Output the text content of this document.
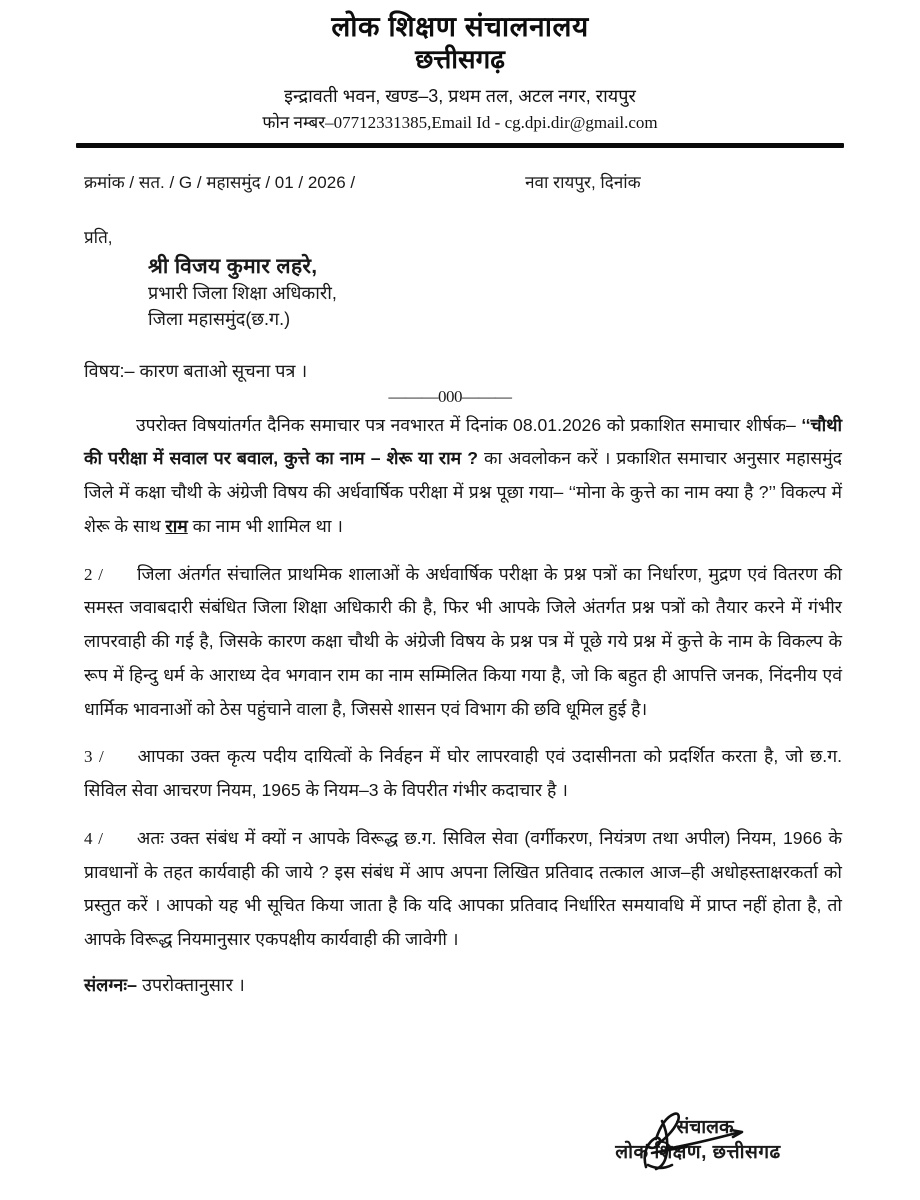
लोक शिक्षण संचालनालय
छत्तीसगढ़
इन्द्रावती भवन, खण्ड–3, प्रथम तल, अटल नगर, रायपुर
फोन नम्बर–07712331385,Email Id - cg.dpi.dir@gmail.com
क्रमांक / सत. / G / महासमुंद / 01 / 2026 /	नवा रायपुर, दिनांक
प्रति,
श्री विजय कुमार लहरे,
प्रभारी जिला शिक्षा अधिकारी,
जिला महासमुंद(छ.ग.)
विषय:– कारण बताओ सूचना पत्र ।
———000———

उपरोक्त विषयांतर्गत दैनिक समाचार पत्र नवभारत में दिनांक 08.01.2026 को प्रकाशित समाचार शीर्षक– ‘‘चौथी की परीक्षा में सवाल पर बवाल, कुत्ते का नाम – शेरू या राम ? का अवलोकन करें । प्रकाशित समाचार अनुसार महासमुंद जिले में कक्षा चौथी के अंग्रेजी विषय की अर्धवार्षिक परीक्षा में प्रश्न पूछा गया– ‘‘मोना के कुत्ते का नाम क्या है ?’’ विकल्प में शेरू के साथ राम का नाम भी शामिल था ।

2 / जिला अंतर्गत संचालित प्राथमिक शालाओं के अर्धवार्षिक परीक्षा के प्रश्न पत्रों का निर्धारण, मुद्रण एवं वितरण की समस्त जवाबदारी संबंधित जिला शिक्षा अधिकारी की है, फिर भी आपके जिले अंतर्गत प्रश्न पत्रों को तैयार करने में गंभीर लापरवाही की गई है, जिसके कारण कक्षा चौथी के अंग्रेजी विषय के प्रश्न पत्र में पूछे गये प्रश्न में कुत्ते के नाम के विकल्प के रूप में हिन्दु धर्म के आराध्य देव भगवान राम का नाम सम्मिलित किया गया है, जो कि बहुत ही आपत्ति जनक, निंदनीय एवं धार्मिक भावनाओं को ठेस पहुंचाने वाला है, जिससे शासन एवं विभाग की छवि धूमिल हुई है।

3 / आपका उक्त कृत्य पदीय दायित्वों के निर्वहन में घोर लापरवाही एवं उदासीनता को प्रदर्शित करता है, जो छ.ग. सिविल सेवा आचरण नियम, 1965 के नियम–3 के विपरीत गंभीर कदाचार है ।

4 / अतः उक्त संबंध में क्यों न आपके विरूद्ध छ.ग. सिविल सेवा (वर्गीकरण, नियंत्रण तथा अपील) नियम, 1966 के प्रावधानों के तहत कार्यवाही की जाये ? इस संबंध में आप अपना लिखित प्रतिवाद तत्काल आज–ही अधोहस्ताक्षरकर्ता को प्रस्तुत करें । आपको यह भी सूचित किया जाता है कि यदि आपका प्रतिवाद निर्धारित समयावधि में प्राप्त नहीं होता है, तो आपके विरूद्ध नियमानुसार एकपक्षीय कार्यवाही की जावेगी ।

संलग्नः– उपरोक्तानुसार ।
संचालक
लोक शिक्षण, छत्तीसगढ
